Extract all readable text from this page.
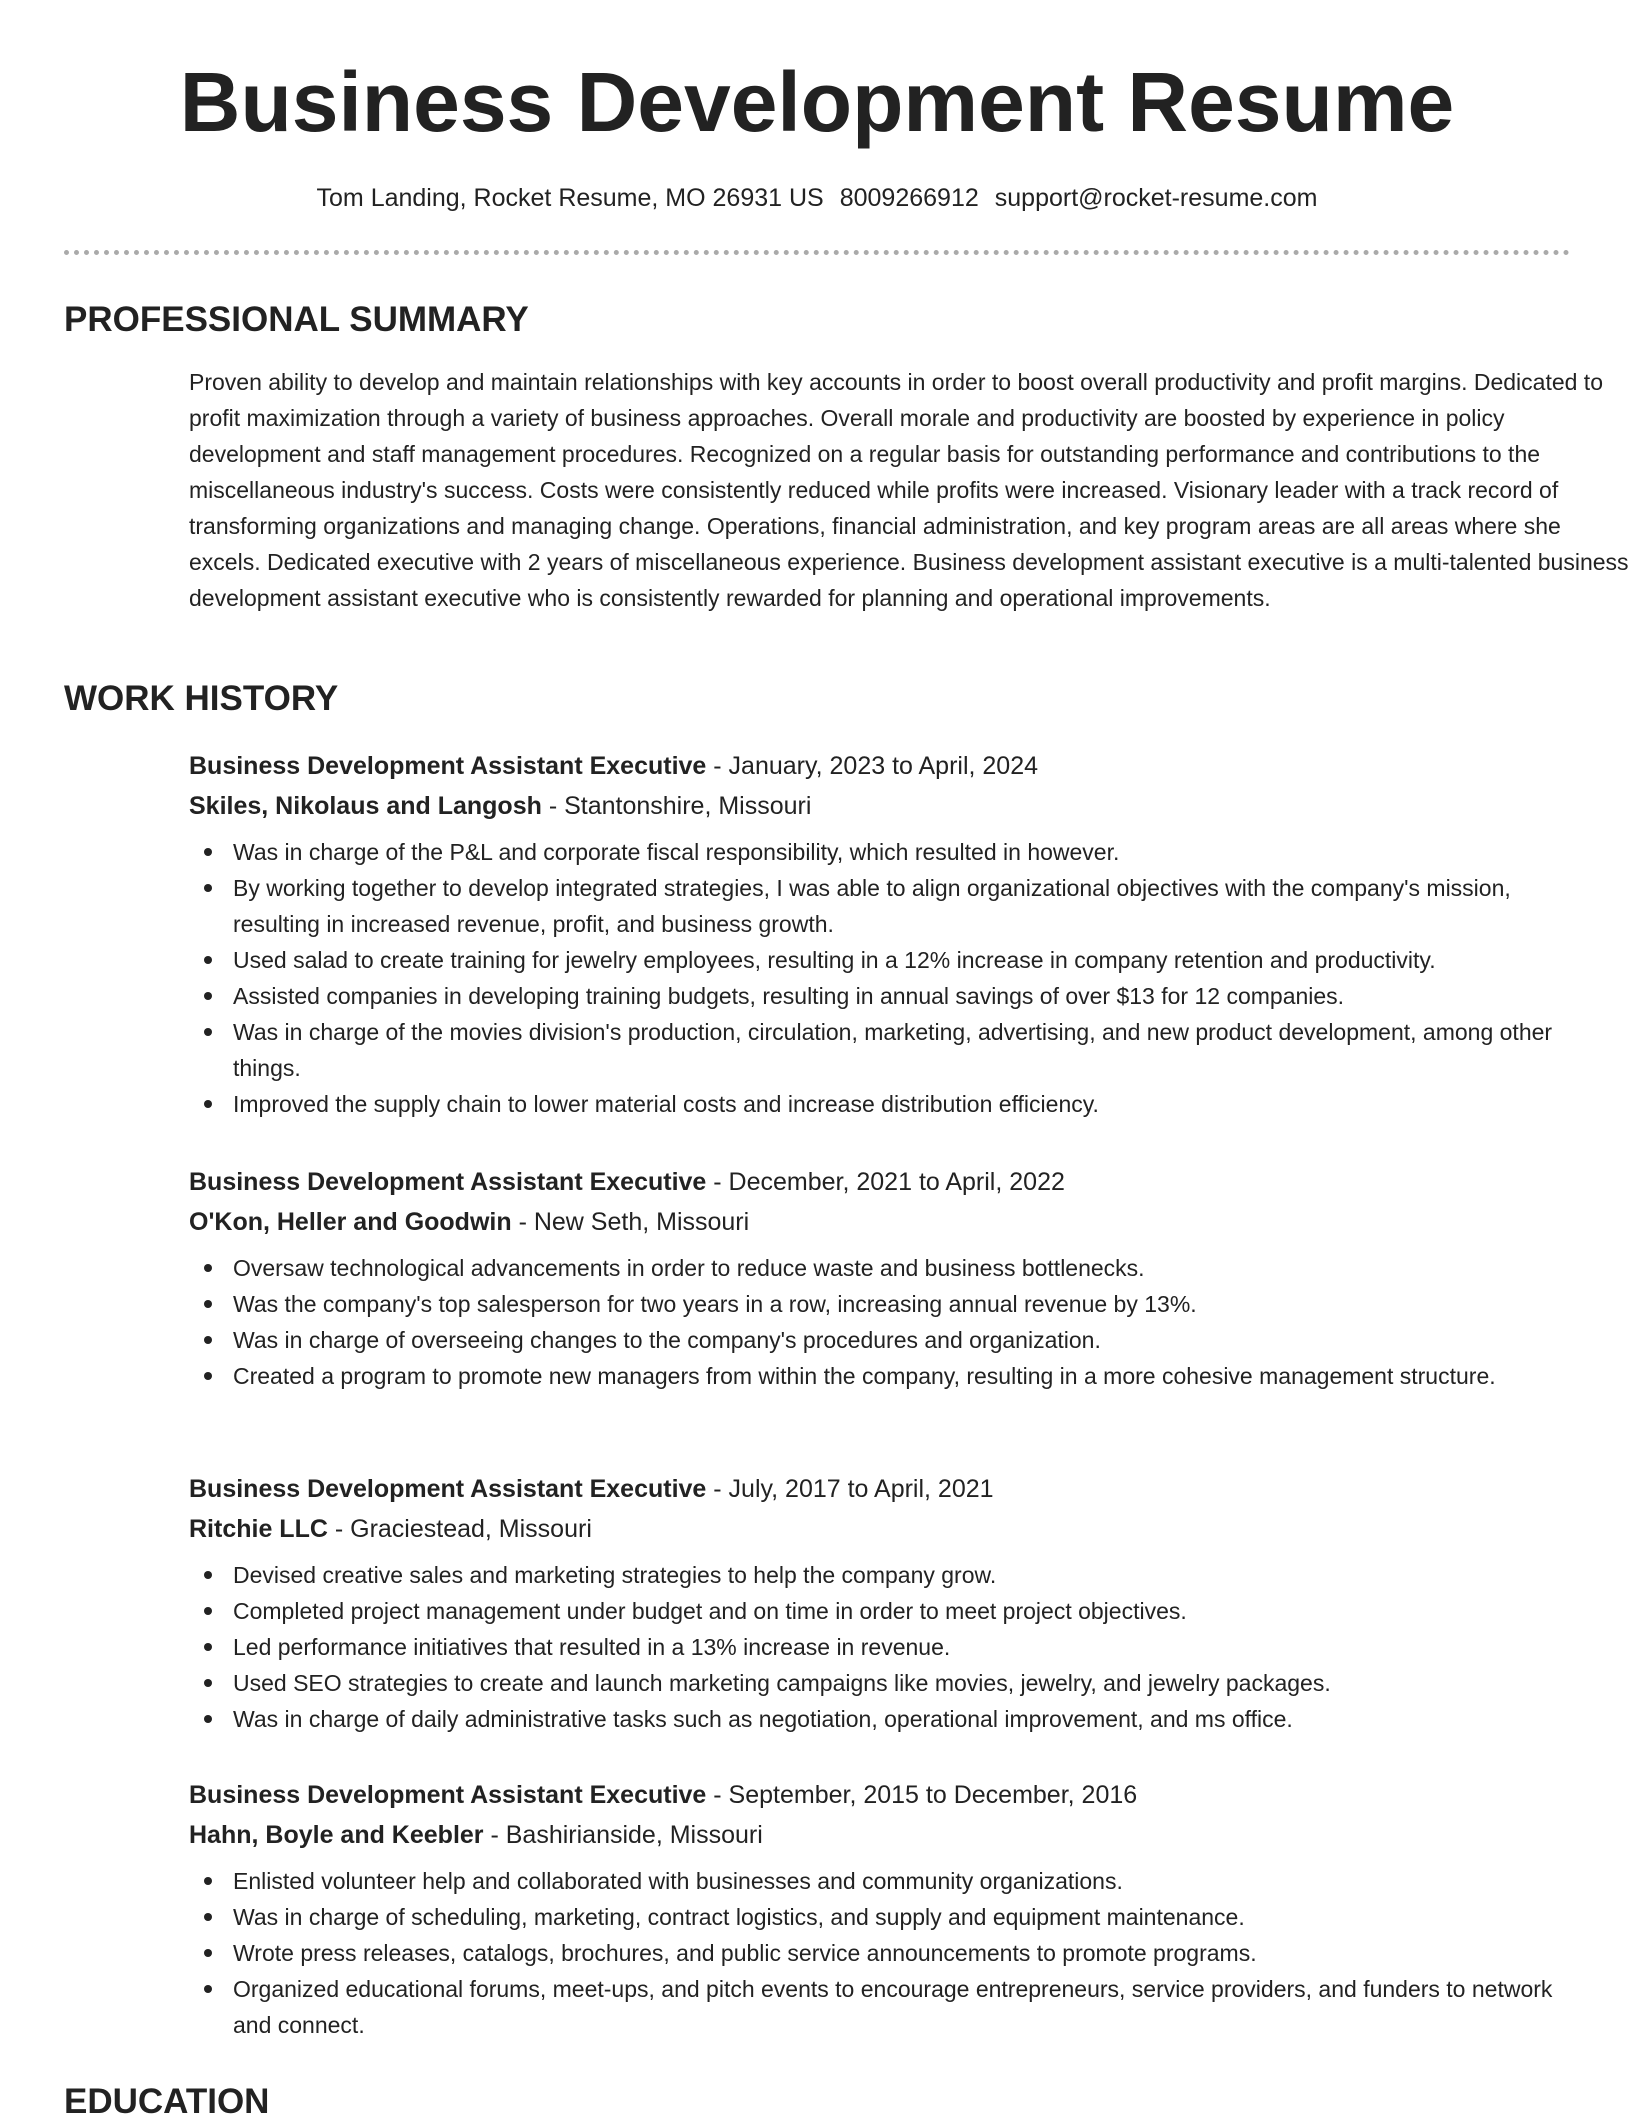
Business Development Resume
Tom Landing, Rocket Resume, MO 26931 US 8009266912 support@rocket-resume.com
PROFESSIONAL SUMMARY

Proven ability to develop and maintain relationships with key accounts in order to boost overall productivity and profit margins. Dedicated to profit maximization through a variety of business approaches. Overall morale and productivity are boosted by experience in policy development and staff management procedures. Recognized on a regular basis for outstanding performance and contributions to the miscellaneous industry's success. Costs were consistently reduced while profits were increased. Visionary leader with a track record of transforming organizations and managing change. Operations, financial administration, and key program areas are all areas where she excels. Dedicated executive with 2 years of miscellaneous experience. Business development assistant executive is a multi-talented business development assistant executive who is consistently rewarded for planning and operational improvements.

WORK HISTORY

Business Development Assistant Executive - January, 2023 to April, 2024

Skiles, Nikolaus and Langosh - Stantonshire, Missouri

Was in charge of the P&L and corporate fiscal responsibility, which resulted in however.
By working together to develop integrated strategies, I was able to align organizational objectives with the company's mission, resulting in increased revenue, profit, and business growth.
Used salad to create training for jewelry employees, resulting in a 12% increase in company retention and productivity.
Assisted companies in developing training budgets, resulting in annual savings of over $13 for 12 companies.
Was in charge of the movies division's production, circulation, marketing, advertising, and new product development, among other things.
Improved the supply chain to lower material costs and increase distribution efficiency.

Business Development Assistant Executive - December, 2021 to April, 2022

O'Kon, Heller and Goodwin - New Seth, Missouri

Oversaw technological advancements in order to reduce waste and business bottlenecks.
Was the company's top salesperson for two years in a row, increasing annual revenue by 13%.
Was in charge of overseeing changes to the company's procedures and organization.
Created a program to promote new managers from within the company, resulting in a more cohesive management structure.

Business Development Assistant Executive - July, 2017 to April, 2021

Ritchie LLC - Graciestead, Missouri

Devised creative sales and marketing strategies to help the company grow.
Completed project management under budget and on time in order to meet project objectives.
Led performance initiatives that resulted in a 13% increase in revenue.
Used SEO strategies to create and launch marketing campaigns like movies, jewelry, and jewelry packages.
Was in charge of daily administrative tasks such as negotiation, operational improvement, and ms office.

Business Development Assistant Executive - September, 2015 to December, 2016

Hahn, Boyle and Keebler - Bashirianside, Missouri

Enlisted volunteer help and collaborated with businesses and community organizations.
Was in charge of scheduling, marketing, contract logistics, and supply and equipment maintenance.
Wrote press releases, catalogs, brochures, and public service announcements to promote programs.
Organized educational forums, meet-ups, and pitch events to encourage entrepreneurs, service providers, and funders to network and connect.
EDUCATION
